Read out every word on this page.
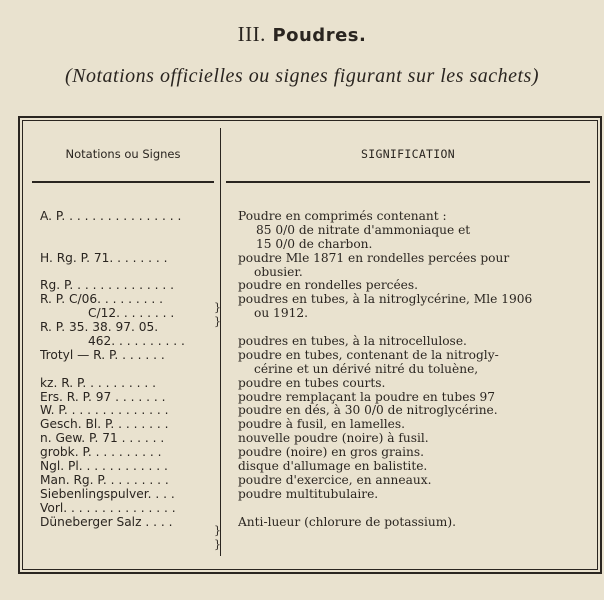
III. Poudres.
(Notations officielles ou signes figurant sur les sachets)
Notations ou Signes	SIGNIFICATION
A. P. . . . . . . . . . . . . . . .
H. Rg. P. 71. . . . . . . .
Rg. P. . . . . . . . . . . . . .
R. P. C/06. . . . . . . . .
C/12. . . . . . . .
R. P. 35. 38. 97. 05.
462. . . . . . . . . .
Trotyl — R. P. . . . . . .
kz. R. P. . . . . . . . . .
Ers. R. P. 97 . . . . . . .
W. P. . . . . . . . . . . . . .
Gesch. Bl. P. . . . . . . .
n. Gew. P. 71 . . . . . .
grobk. P. . . . . . . . . .
Ngl. Pl. . . . . . . . . . . .
Man. Rg. P. . . . . . . . .
Siebenlingspulver. . . .
Vorl. . . . . . . . . . . . . . .
Düneberger Salz . . . .
}
}
}
}
Poudre en comprimés contenant :
85 0/0 de nitrate d'ammoniaque et
15 0/0 de charbon.
poudre Mle 1871 en rondelles percées pour
obusier.
poudre en rondelles percées.
poudres en tubes, à la nitroglycérine, Mle 1906
ou 1912.
poudres en tubes, à la nitrocellulose.
poudre en tubes, contenant de la nitrogly-
cérine et un dérivé nitré du toluène,
poudre en tubes courts.
poudre remplaçant la poudre en tubes 97
poudre en dés, à 30 0/0 de nitroglycérine.
poudre à fusil, en lamelles.
nouvelle poudre (noire) à fusil.
poudre (noire) en gros grains.
disque d'allumage en balistite.
poudre d'exercice, en anneaux.
poudre multitubulaire.
Anti-lueur (chlorure de potassium).
